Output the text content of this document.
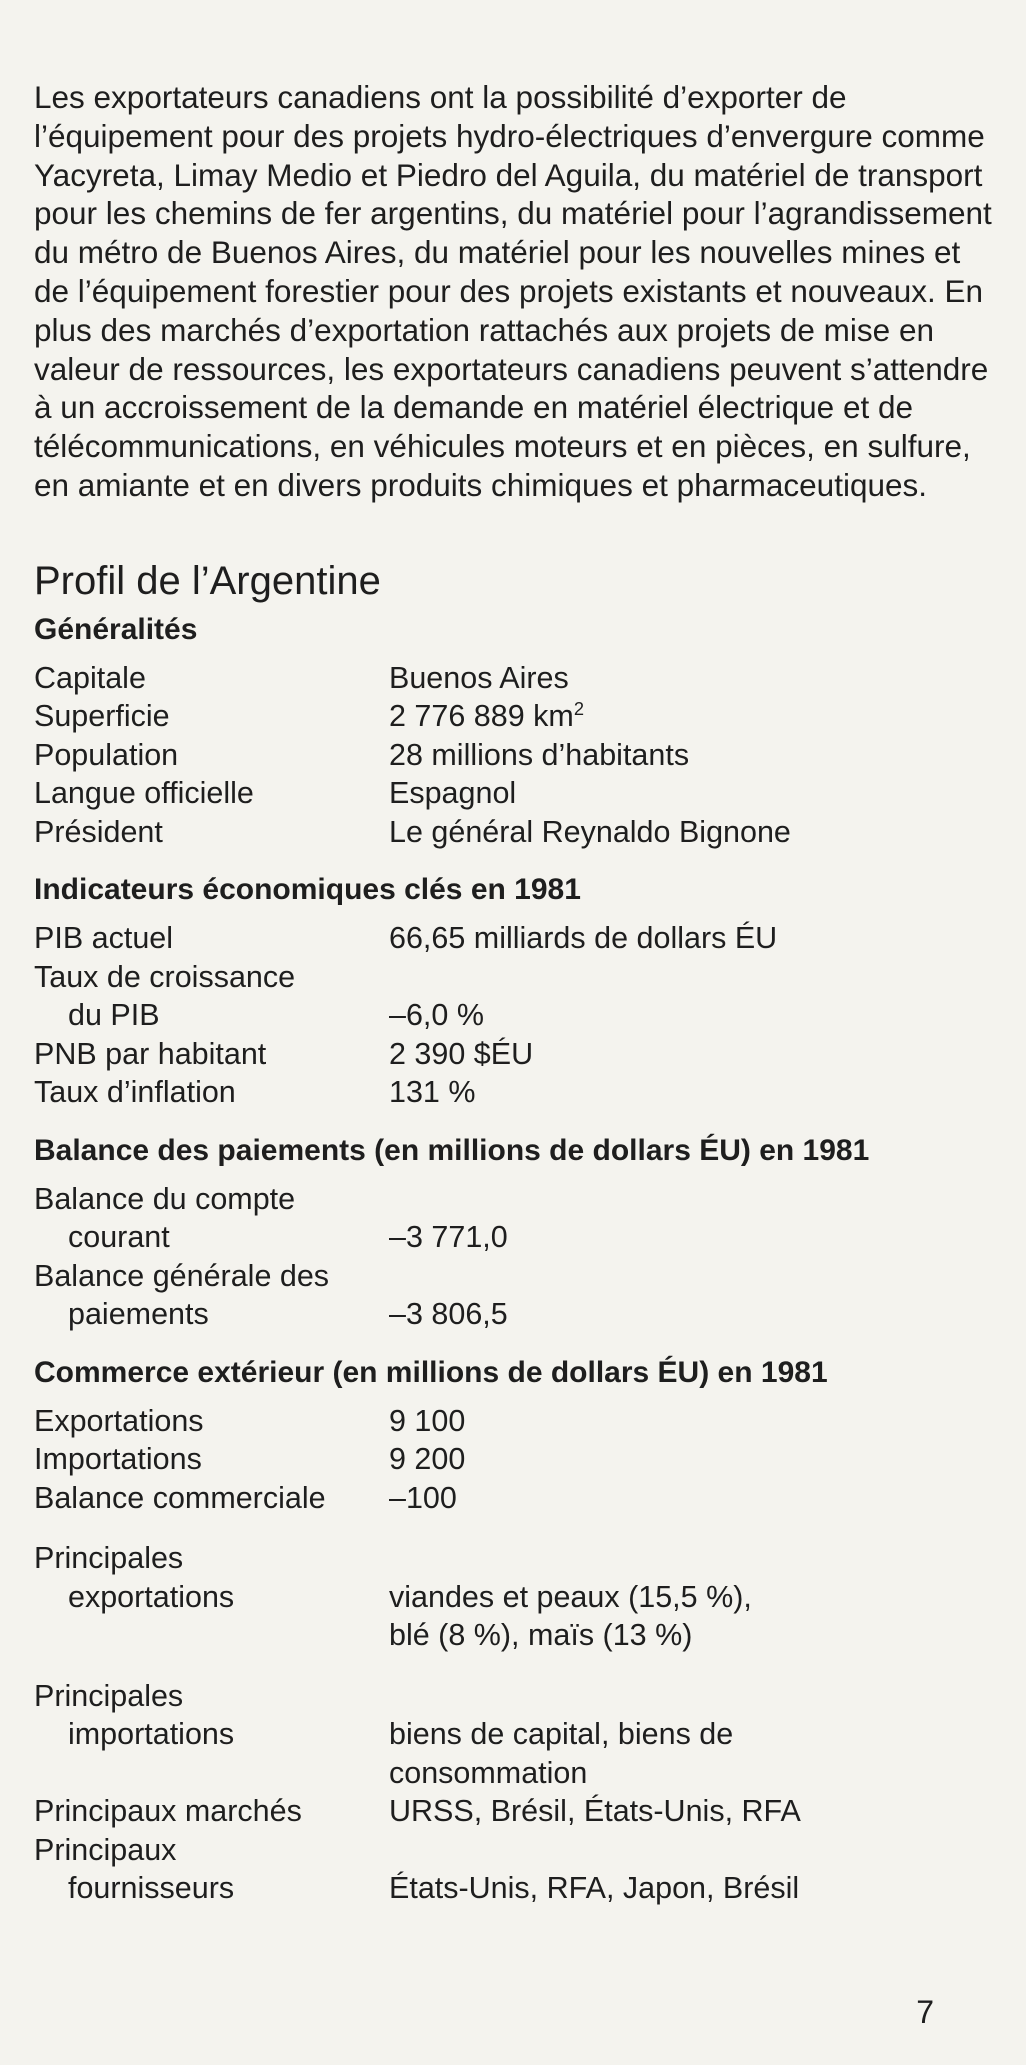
Les exportateurs canadiens ont la possibilité d’exporter de l’équipement pour des projets hydro-électriques d’envergure comme Yacyreta, Limay Medio et Piedro del Aguila, du matériel de transport pour les chemins de fer argentins, du matériel pour l’agrandissement du métro de Buenos Aires, du matériel pour les nouvelles mines et de l’équipement forestier pour des projets existants et nouveaux. En plus des marchés d’exportation rattachés aux projets de mise en valeur de ressources, les exportateurs canadiens peuvent s’attendre à un accroissement de la demande en matériel électrique et de télécommunications, en véhicules moteurs et en pièces, en sulfure, en amiante et en divers produits chimiques et pharmaceutiques.

Profil de l’Argentine
Généralités
Capitale	Buenos Aires
Superficie	2 776 889 $km^2$
Population	28 millions d’habitants
Langue officielle	Espagnol
Président	Le général Reynaldo Bignone
Indicateurs économiques clés en 1981
PIB actuel	66,65 milliards de dollars ÉU
Taux de croissance
du PIB	–6,0 %
PNB par habitant	2 390 $ÉU
Taux d’inflation	131 %
Balance des paiements (en millions de dollars ÉU) en 1981
Balance du compte
courant	–3 771,0
Balance générale des
paiements	–3 806,5
Commerce extérieur (en millions de dollars ÉU) en 1981
Exportations	9 100
Importations	9 200
Balance commerciale	–100
Principales
exportations	viandes et peaux (15,5 %),
blé (8 %), maïs (13 %)
Principales
importations	biens de capital, biens de
consommation
Principaux marchés	URSS, Brésil, États-Unis, RFA
Principaux
fournisseurs	États-Unis, RFA, Japon, Brésil
7
